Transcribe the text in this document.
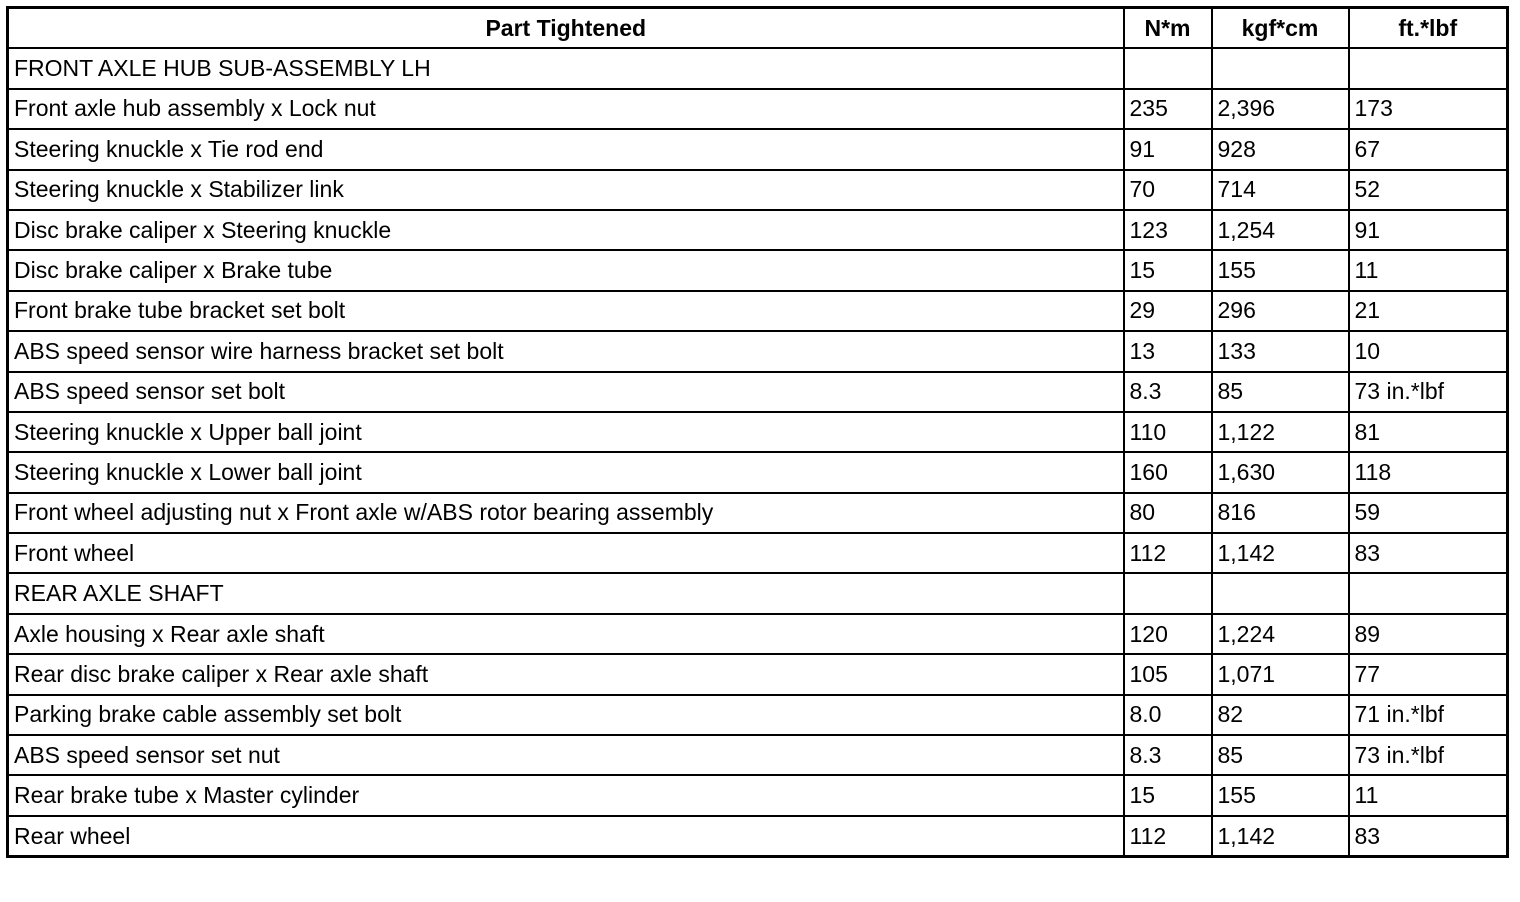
Part Tightened	N*m	kgf*cm	ft.*lbf
FRONT AXLE HUB SUB-ASSEMBLY LH			
Front axle hub assembly x Lock nut	235	2,396	173
Steering knuckle x Tie rod end	91	928	67
Steering knuckle x Stabilizer link	70	714	52
Disc brake caliper x Steering knuckle	123	1,254	91
Disc brake caliper x Brake tube	15	155	11
Front brake tube bracket set bolt	29	296	21
ABS speed sensor wire harness bracket set bolt	13	133	10
ABS speed sensor set bolt	8.3	85	73 in.*lbf
Steering knuckle x Upper ball joint	110	1,122	81
Steering knuckle x Lower ball joint	160	1,630	118
Front wheel adjusting nut x Front axle w/ABS rotor bearing assembly	80	816	59
Front wheel	112	1,142	83
REAR AXLE SHAFT			
Axle housing x Rear axle shaft	120	1,224	89
Rear disc brake caliper x Rear axle shaft	105	1,071	77
Parking brake cable assembly set bolt	8.0	82	71 in.*lbf
ABS speed sensor set nut	8.3	85	73 in.*lbf
Rear brake tube x Master cylinder	15	155	11
Rear wheel	112	1,142	83
